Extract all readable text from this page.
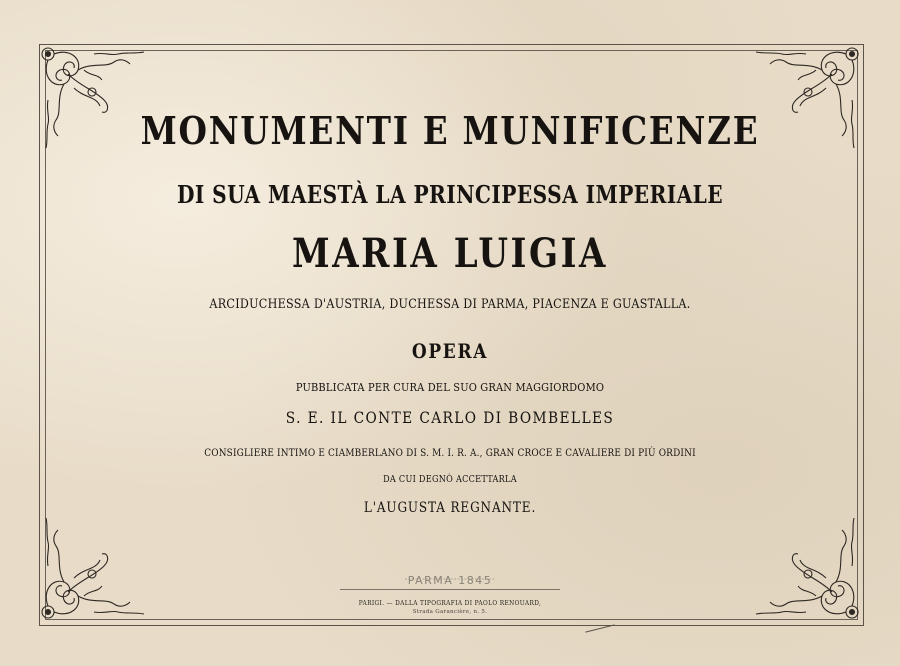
MONUMENTI E MUNIFICENZE
DI SUA MAESTÀ LA PRINCIPESSA IMPERIALE
MARIA LUIGIA
ARCIDUCHESSA D'AUSTRIA, DUCHESSA DI PARMA, PIACENZA E GUASTALLA.
OPERA
PUBBLICATA PER CURA DEL SUO GRAN MAGGIORDOMO
S. E. IL CONTE CARLO DI BOMBELLES
CONSIGLIERE INTIMO E CIAMBERLANO DI S. M. I. R. A., GRAN CROCE E CAVALIERE DI PIÙ ORDINI
DA CUI DEGNÒ ACCETTARLA
L'AUGUSTA REGNANTE.
PARMA 1845
PARIGI. — DALLA TIPOGRAFIA DI PAOLO RENOUARD,
Strada Garancière, n. 5.
